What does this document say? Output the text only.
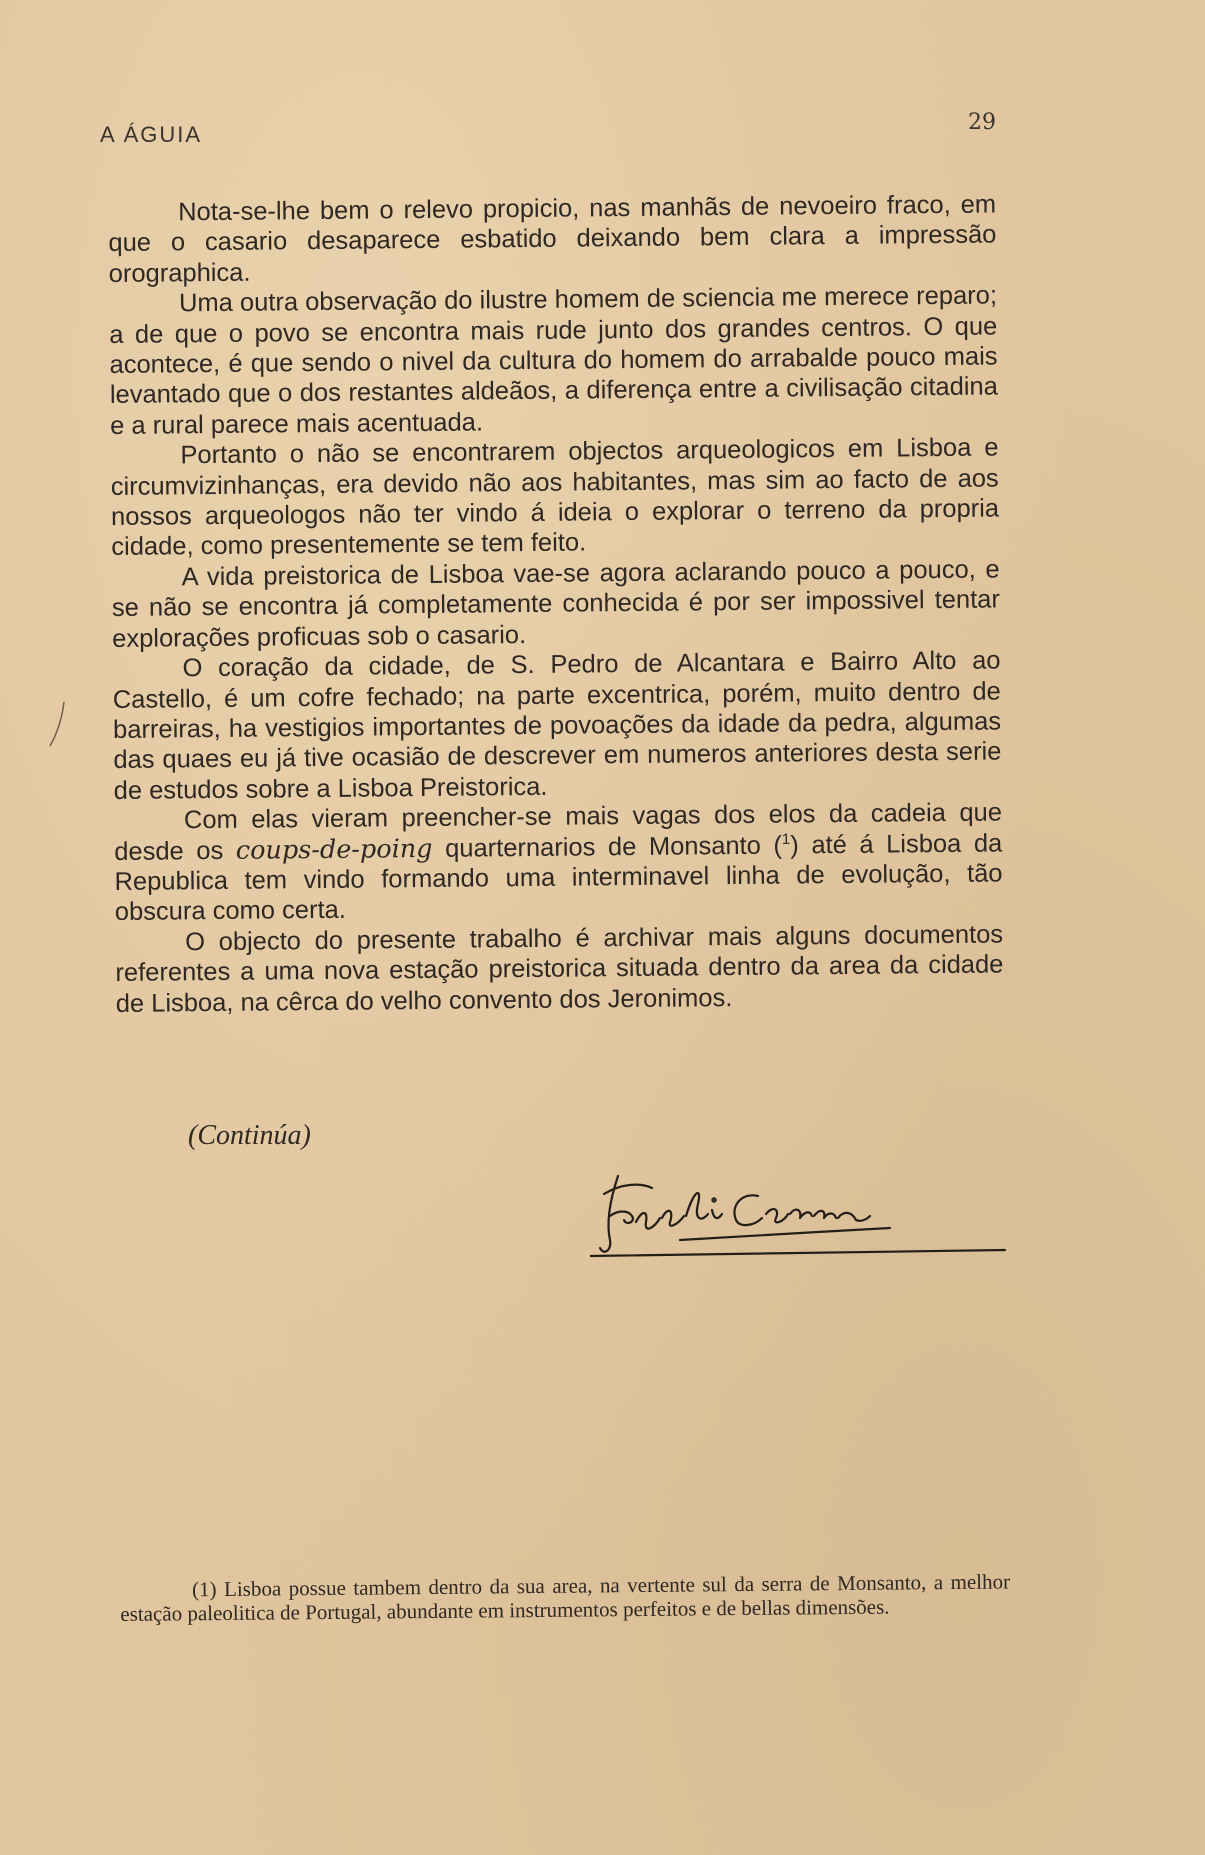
A ÁGUIA	29

Nota-se-lhe bem o relevo propicio, nas manhãs de nevoeiro fraco, em que o casario desaparece esbatido deixando bem clara a impressão orographica.

Uma outra observação do ilustre homem de sciencia me merece reparo; a de que o povo se encontra mais rude junto dos grandes centros. O que acontece, é que sendo o nivel da cultura do homem do arrabalde pouco mais levantado que o dos restantes aldeãos, a diferença entre a civilisação citadina e a rural parece mais acentuada.

Portanto o não se encontrarem objectos arqueologicos em Lisboa e circumvizinhanças, era devido não aos habitantes, mas sim ao facto de aos nossos arqueologos não ter vindo á ideia o explorar o terreno da propria cidade, como presentemente se tem feito.

A vida preistorica de Lisboa vae-se agora aclarando pouco a pouco, e se não se encontra já completamente conhecida é por ser impossivel tentar explorações proficuas sob o casario.

O coração da cidade, de S. Pedro de Alcantara e Bairro Alto ao Castello, é um cofre fechado; na parte excentrica, porém, muito dentro de barreiras, ha vestigios importantes de povoações da idade da pedra, algumas das quaes eu já tive ocasião de descrever em numeros anteriores desta serie de estudos sobre a Lisboa Preistorica.

Com elas vieram preencher-se mais vagas dos elos da cadeia que desde os coups-de-poing quarternarios de Monsanto ($^1$) até á Lisboa da Republica tem vindo formando uma interminavel linha de evolução, tão obscura como certa.

O objecto do presente trabalho é archivar mais alguns documentos referentes a uma nova estação preistorica situada dentro da area da cidade de Lisboa, na cêrca do velho convento dos Jeronimos.

(Continúa)
(1) Lisboa possue tambem dentro da sua area, na vertente sul da serra de Monsanto, a melhor estação paleolitica de Portugal, abundante em instrumentos perfeitos e de bellas dimensões.
